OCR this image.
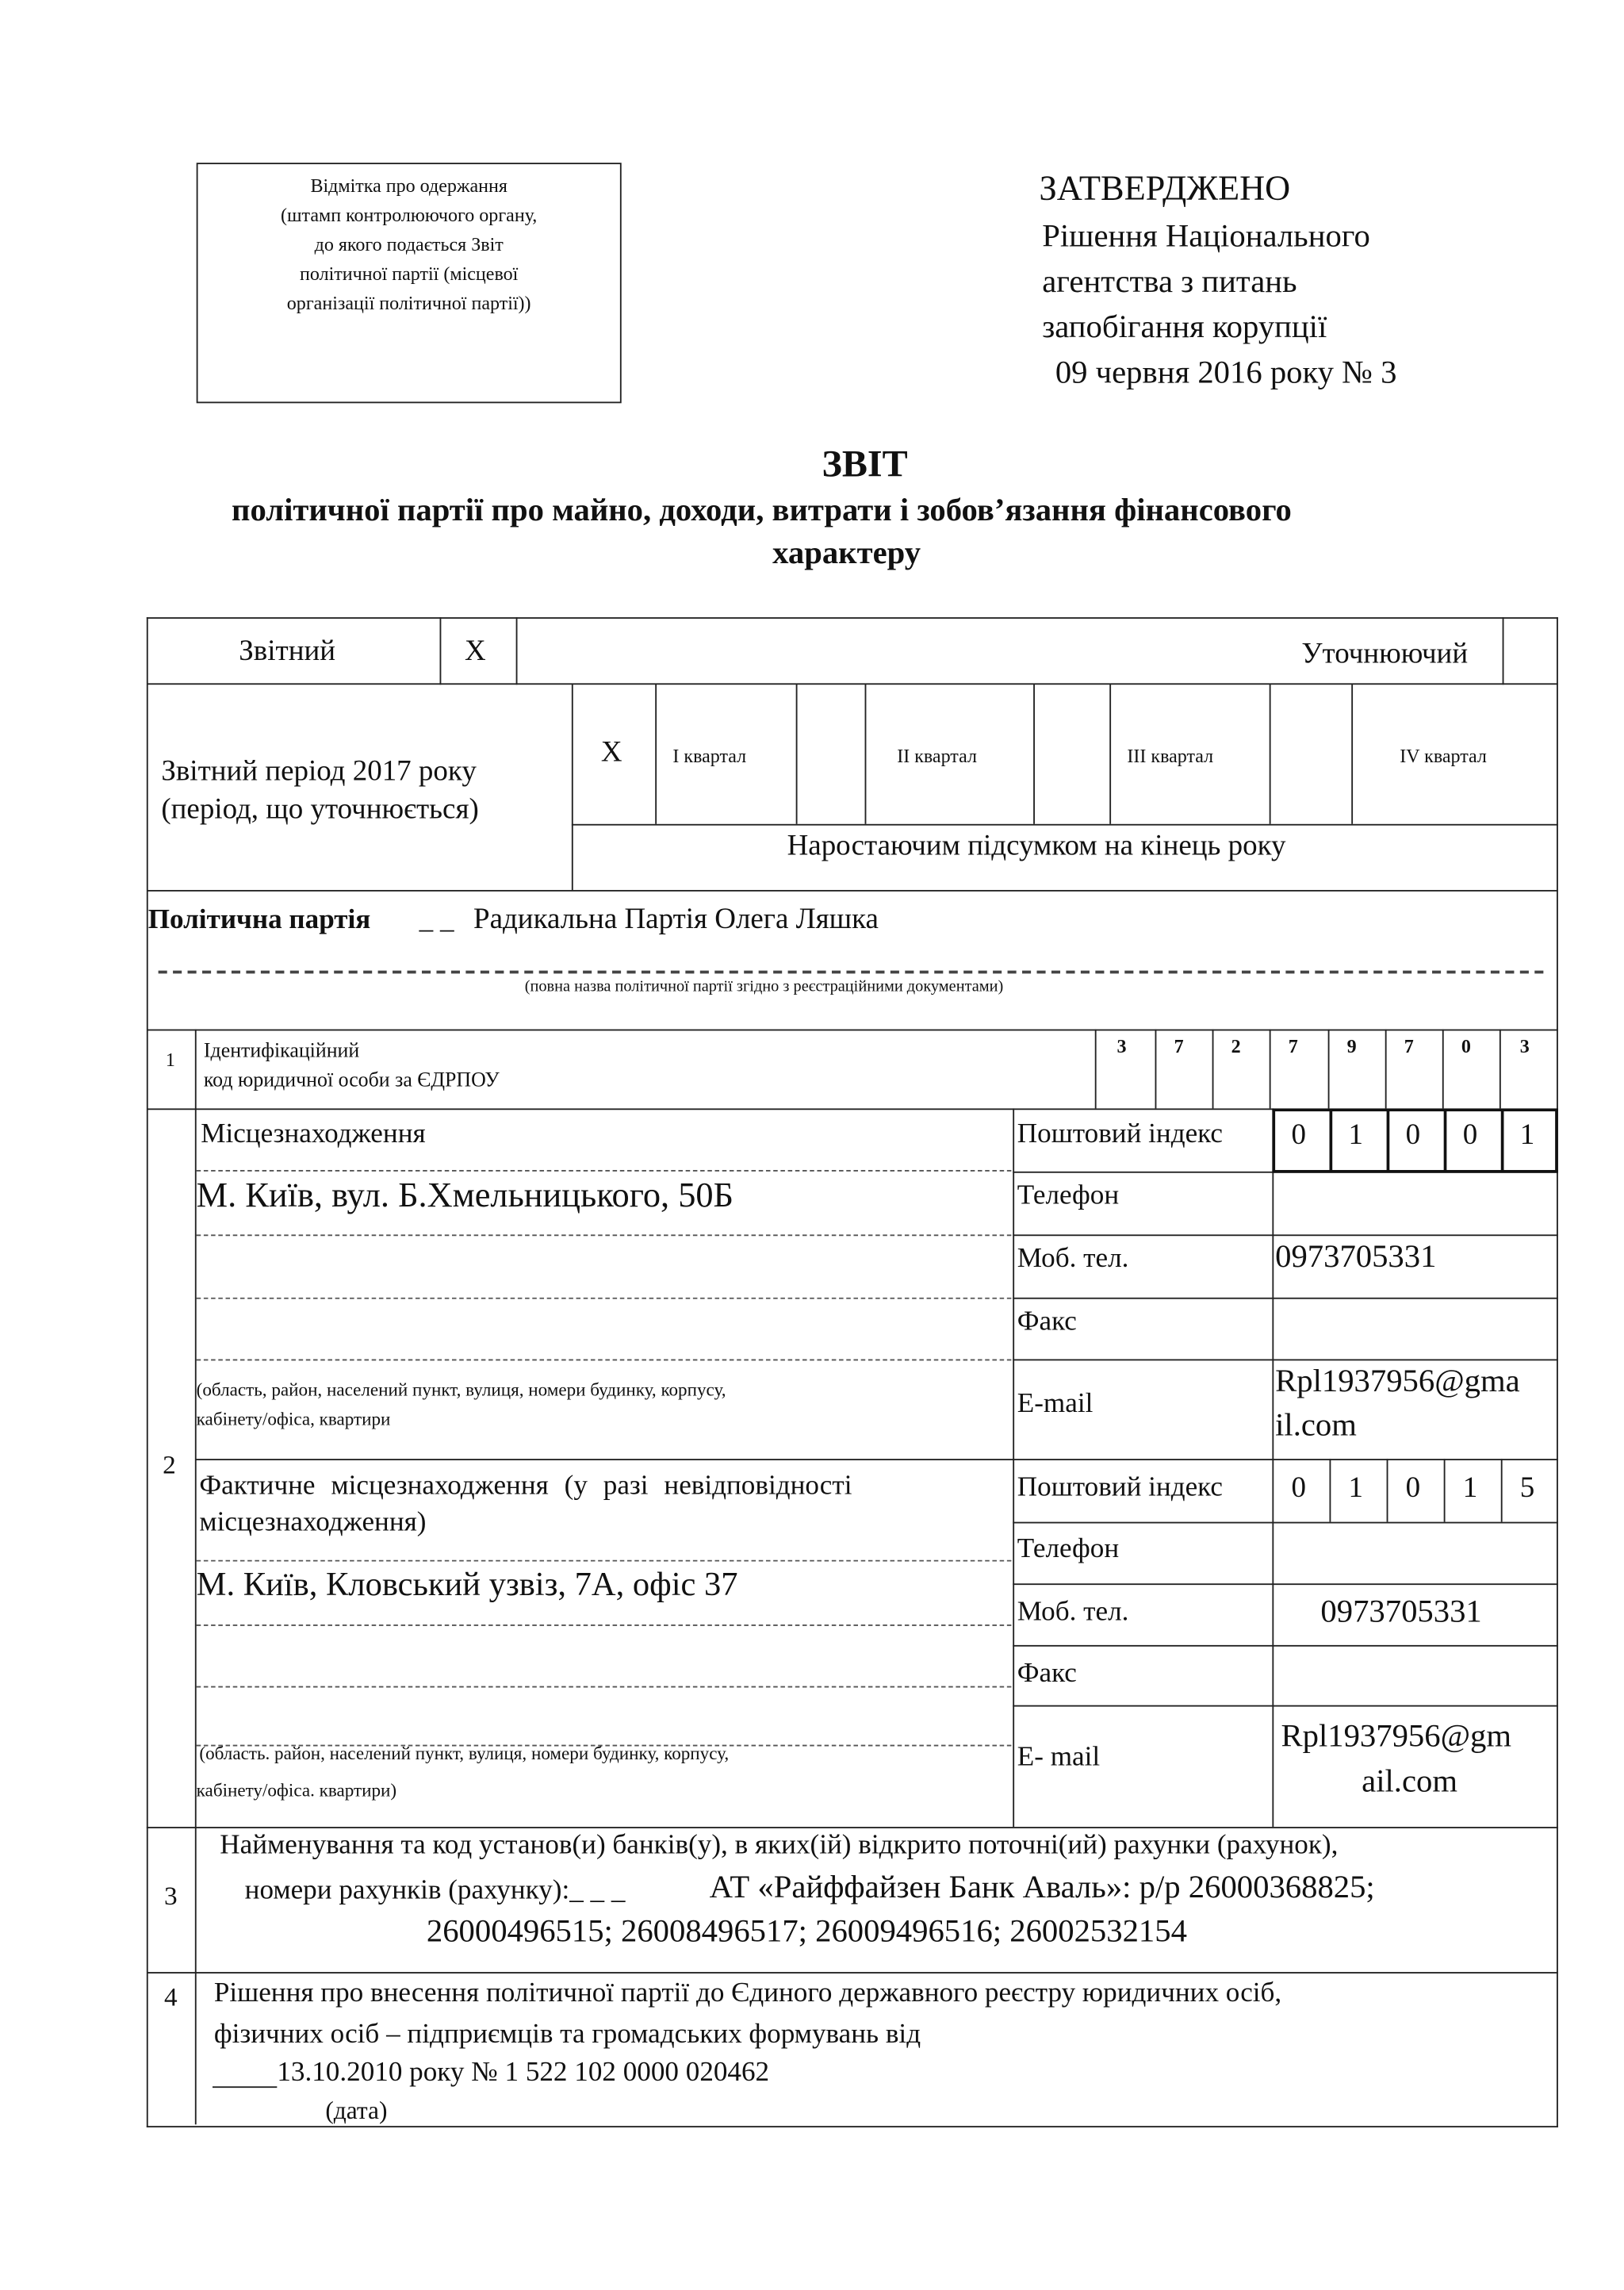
Відмітка про одержання
(штамп контролюючого органу,
до якого подається Звіт
політичної партії (місцевої
організації політичної партії))
ЗАТВЕРДЖЕНО
Рішення Національного
агентства з питань
запобігання корупції
09 червня 2016 року № 3
ЗВІТ
політичної партії про майно, доходи, витрати і зобов’язання фінансового
характеру
Звітний	X	Уточнюючий
Звітний період 2017 року
(період, що уточнюється)
X	І квартал	ІІ квартал	ІІІ квартал	ІV квартал
Наростаючим підсумком на кінець року
Політична партія	_ _ Радикальна Партія Олега Ляшка
(повна назва політичної партії згідно з реєстраційними документами)
1	Ідентифікаційний
код юридичної особи за ЄДРПОУ
3	7	2	7	9	7	0	3
2
Місцезнаходження
М. Київ, вул. Б.Хмельницького, 50Б
(область, район, населений пункт, вулиця, номери будинку, корпусу,
кабінету/офіса, квартири
Поштовий індекс	0	1	0	0	1
Телефон
Моб. тел.	0973705331
Факс
E-mail
Rpl1937956@gma
il.com
Фактичне місцезнаходження (у разі невідповідності
місцезнаходження)
М. Київ, Кловський узвіз, 7А, офіс 37
(область. район, населений пункт, вулиця, номери будинку, корпусу,
кабінету/офіса. квартири)
Поштовий індекс	0	1	0	1	5
Телефон
Моб. тел.	0973705331
Факс
E- mail
Rpl1937956@gm
ail.com
3
Найменування та код установ(и) банків(у), в яких(ій) відкрито поточні(ий) рахунки (рахунок),
номери рахунків (рахунку):_ _ _	АТ «Райффайзен Банк Аваль»: р/р 26000368825;
26000496515; 26008496517; 26009496516; 26002532154
4 Рішення про внесення політичної партії до Єдиного державного реєстру юридичних осіб,
фізичних осіб – підприємців та громадських формувань від
13.10.2010 року № 1 522 102 0000 020462
(дата)
